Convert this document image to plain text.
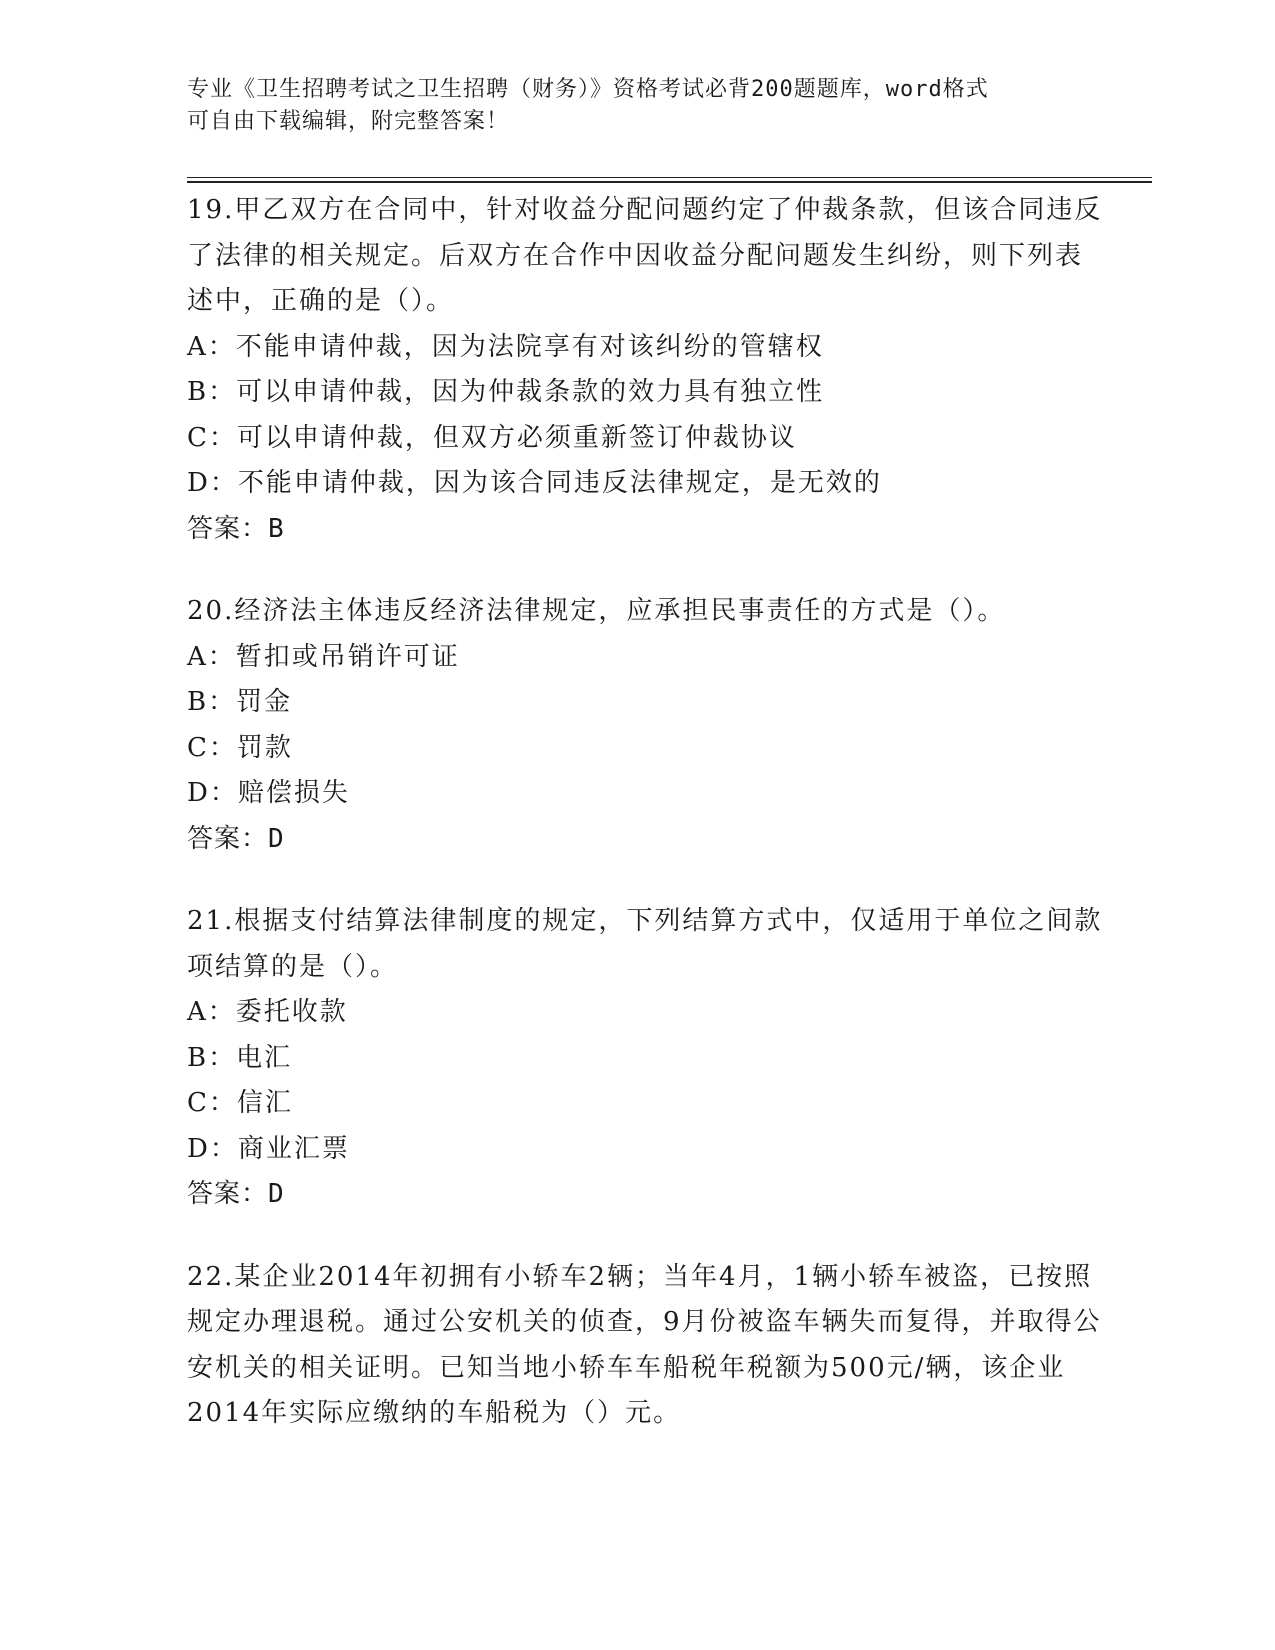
专业《卫生招聘考试之卫生招聘（财务）》资格考试必背200题题库，word格式
可自由下载编辑，附完整答案！

19.甲乙双方在合同中，针对收益分配问题约定了仲裁条款，但该合同违反了法律的相关规定。后双方在合作中因收益分配问题发生纠纷，则下列表述中，正确的是（）。

A：不能申请仲裁，因为法院享有对该纠纷的管辖权

B：可以申请仲裁，因为仲裁条款的效力具有独立性

C：可以申请仲裁，但双方必须重新签订仲裁协议

D：不能申请仲裁，因为该合同违反法律规定，是无效的

答案：B

20.经济法主体违反经济法律规定，应承担民事责任的方式是（）。

A：暂扣或吊销许可证

B：罚金

C：罚款

D：赔偿损失

答案：D

21.根据支付结算法律制度的规定，下列结算方式中，仅适用于单位之间款项结算的是（）。

A：委托收款

B：电汇

C：信汇

D：商业汇票

答案：D

22.某企业2014年初拥有小轿车2辆；当年4月，1辆小轿车被盗，已按照规定办理退税。通过公安机关的侦查，9月份被盗车辆失而复得，并取得公安机关的相关证明。已知当地小轿车车船税年税额为500元/辆，该企业2014年实际应缴纳的车船税为（）元。
